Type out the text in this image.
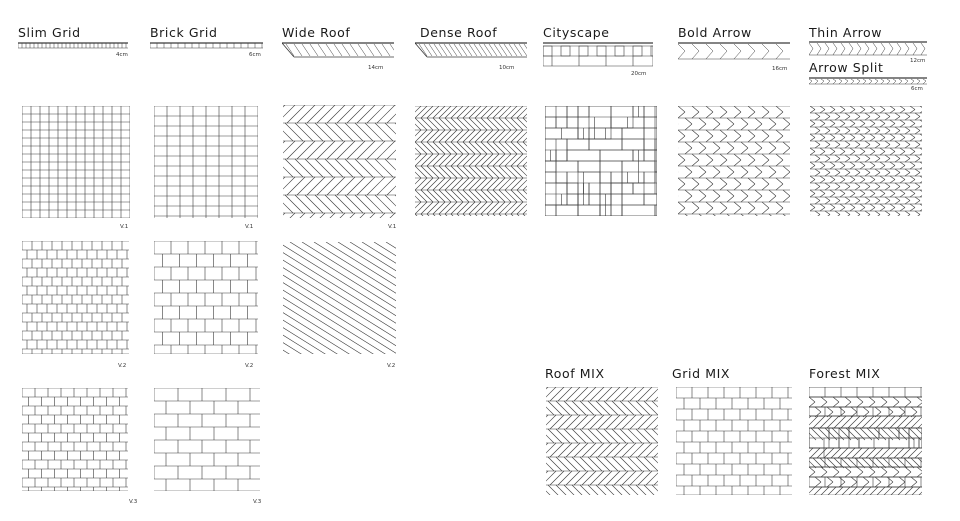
Slim Grid
4cm
Brick Grid
6cm
Wide Roof
14cm
Dense Roof
10cm
Cityscape
20cm
Bold Arrow
16cm
Thin Arrow
12cm
Arrow Split
6cm
V.1	V.1	V.1
V.2	V.2	V.2
V.3	V.3
Roof MIX	Grid MIX	Forest MIX
